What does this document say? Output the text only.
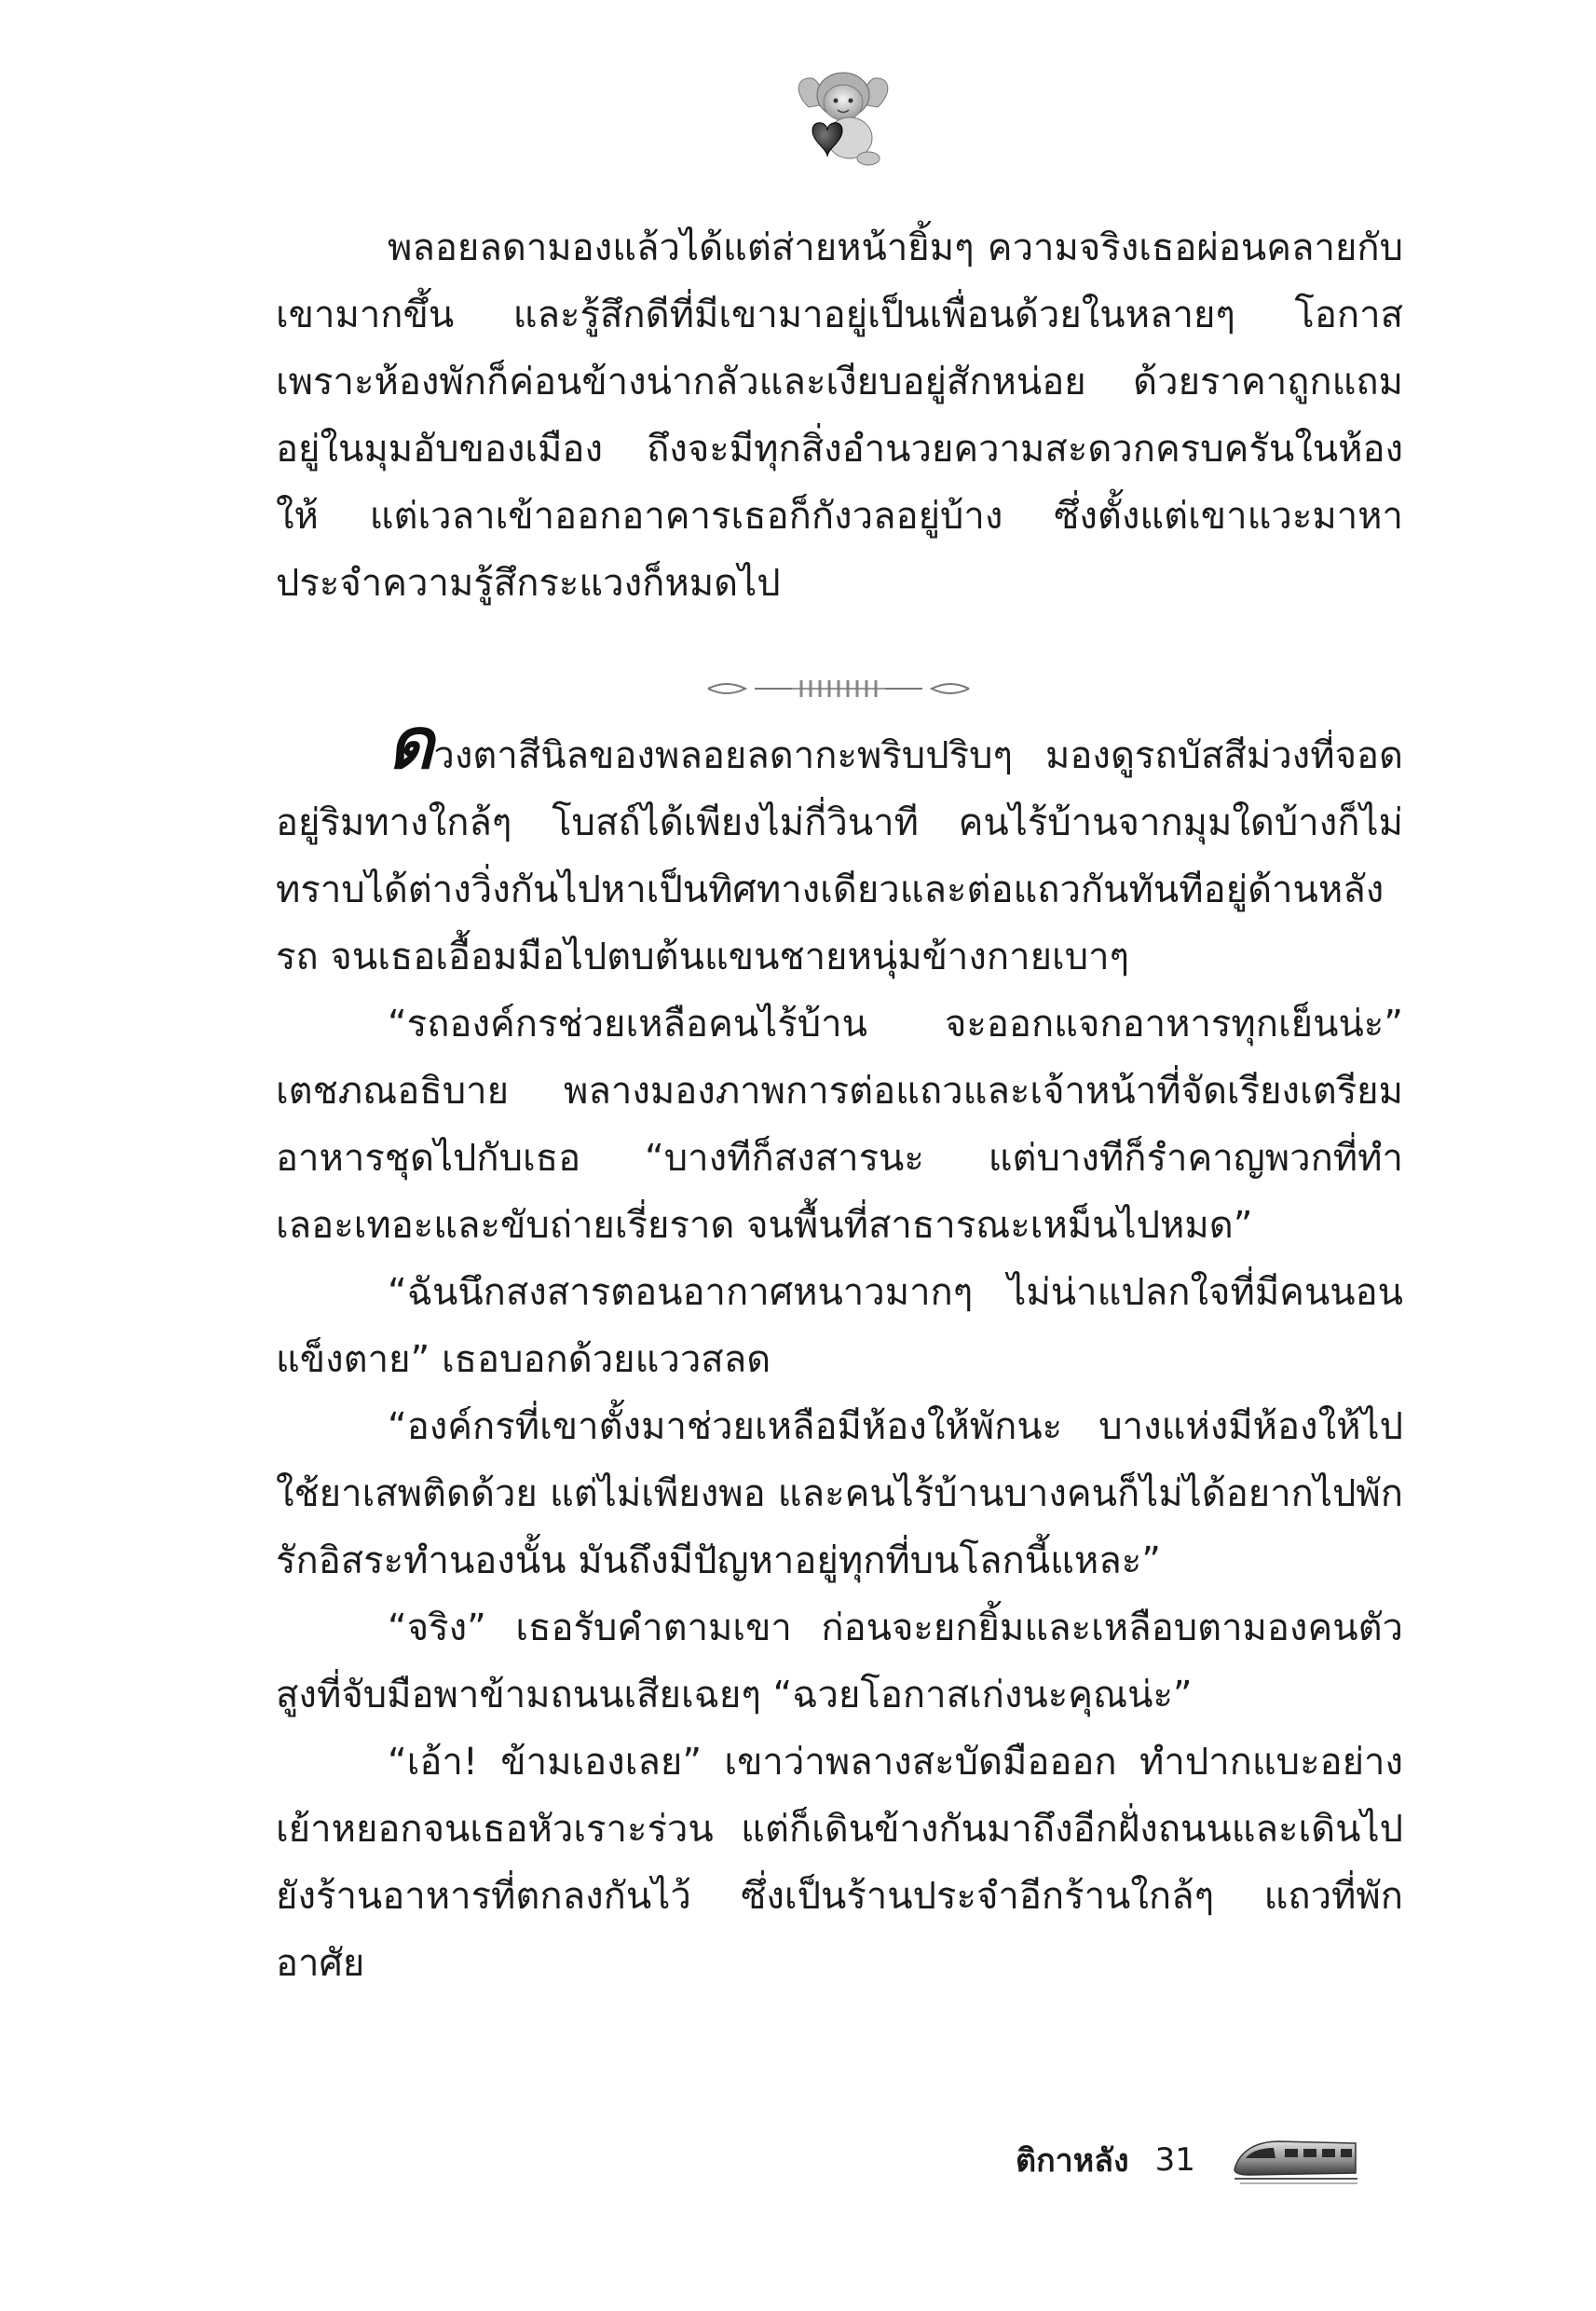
พลอยลดามองแล้วได้แต่ส่ายหน้ายิ้มๆ ความจริงเธอผ่อนคลายกับเขามากขึ้น และรู้สึกดีที่มีเขามาอยู่เป็นเพื่อนด้วยในหลายๆ โอกาส เพราะห้องพักก็ค่อนข้างน่ากลัวและเงียบอยู่สักหน่อย ด้วยราคาถูกแถมอยู่ในมุมอับของเมือง ถึงจะมีทุกสิ่งอำนวยความสะดวกครบครันในห้องให้ แต่เวลาเข้าออกอาคารเธอก็กังวลอยู่บ้าง ซึ่งตั้งแต่เขาแวะมาหาประจำความรู้สึกระแวงก็หมดไป

ดวงตาสีนิลของพลอยลดากะพริบปริบๆ มองดูรถบัสสีม่วงที่จอดอยู่ริมทางใกล้ๆ โบสถ์ได้เพียงไม่กี่วินาที คนไร้บ้านจากมุมใดบ้างก็ไม่ทราบได้ต่างวิ่งกันไปหาเป็นทิศทางเดียวและต่อแถวกันทันทีอยู่ด้านหลังรถ จนเธอเอื้อมมือไปตบต้นแขนชายหนุ่มข้างกายเบาๆ

“รถองค์กรช่วยเหลือคนไร้บ้าน จะออกแจกอาหารทุกเย็นน่ะ” เตชภณอธิบาย พลางมองภาพการต่อแถวและเจ้าหน้าที่จัดเรียงเตรียมอาหารชุดไปกับเธอ “บางทีก็สงสารนะ แต่บางทีก็รำคาญพวกที่ทำเลอะเทอะและขับถ่ายเรี่ยราด จนพื้นที่สาธารณะเหม็นไปหมด”

“ฉันนึกสงสารตอนอากาศหนาวมากๆ ไม่น่าแปลกใจที่มีคนนอนแข็งตาย” เธอบอกด้วยแววสลด

“องค์กรที่เขาตั้งมาช่วยเหลือมีห้องให้พักนะ บางแห่งมีห้องให้ไปใช้ยาเสพติดด้วย แต่ไม่เพียงพอ และคนไร้บ้านบางคนก็ไม่ได้อยากไปพัก รักอิสระทำนองนั้น มันถึงมีปัญหาอยู่ทุกที่บนโลกนี้แหละ”

“จริง” เธอรับคำตามเขา ก่อนจะยกยิ้มและเหลือบตามองคนตัวสูงที่จับมือพาข้ามถนนเสียเฉยๆ “ฉวยโอกาสเก่งนะคุณน่ะ”

“เอ้า! ข้ามเองเลย” เขาว่าพลางสะบัดมือออก ทำปากแบะอย่างเย้าหยอกจนเธอหัวเราะร่วน แต่ก็เดินข้างกันมาถึงอีกฝั่งถนนและเดินไปยังร้านอาหารที่ตกลงกันไว้ ซึ่งเป็นร้านประจำอีกร้านใกล้ๆ แถวที่พักอาศัย

ติกาหลัง 31
